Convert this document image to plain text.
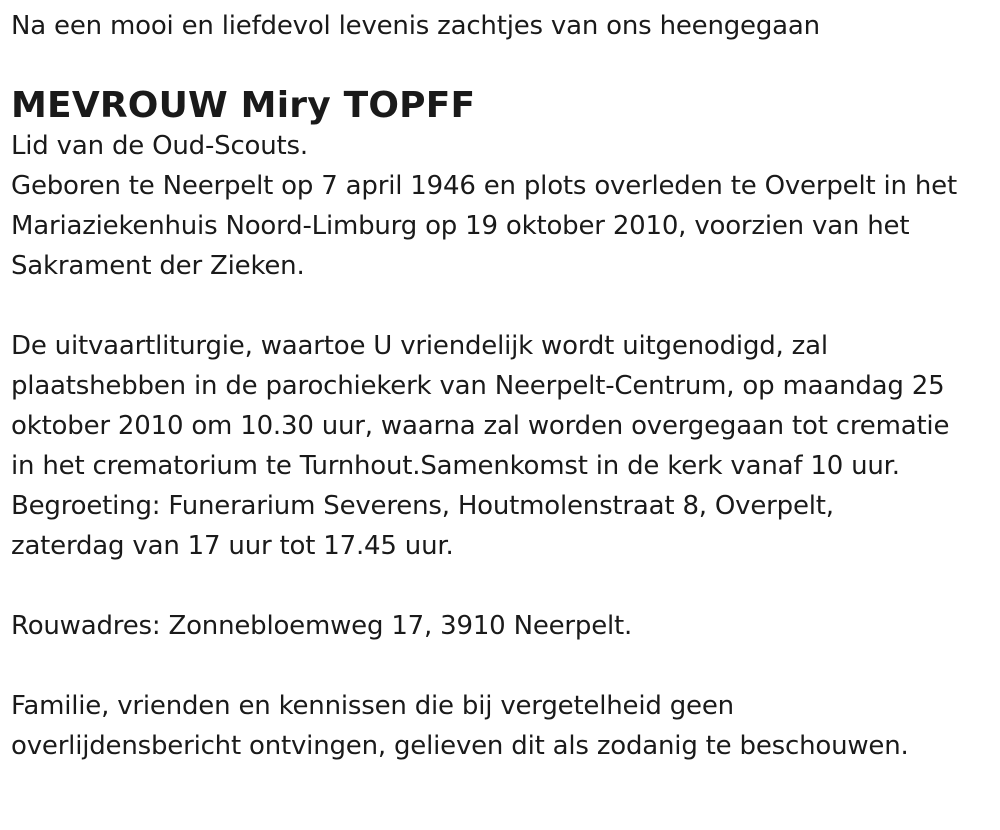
Na een mooi en liefdevol levenis zachtjes van ons heengegaan

MEVROUW Miry TOPFF

Lid van de Oud-Scouts.

Geboren te Neerpelt op 7 april 1946 en plots overleden te Overpelt in het

Mariaziekenhuis Noord-Limburg op 19 oktober 2010, voorzien van het

Sakrament der Zieken.

De uitvaartliturgie, waartoe U vriendelijk wordt uitgenodigd, zal

plaatshebben in de parochiekerk van Neerpelt-Centrum, op maandag 25

oktober 2010 om 10.30 uur, waarna zal worden overgegaan tot crematie

in het crematorium te Turnhout.Samenkomst in de kerk vanaf 10 uur.

Begroeting: Funerarium Severens, Houtmolenstraat 8, Overpelt,

zaterdag van 17 uur tot 17.45 uur.

Rouwadres: Zonnebloemweg 17, 3910 Neerpelt.

Familie, vrienden en kennissen die bij vergetelheid geen

overlijdensbericht ontvingen, gelieven dit als zodanig te beschouwen.
